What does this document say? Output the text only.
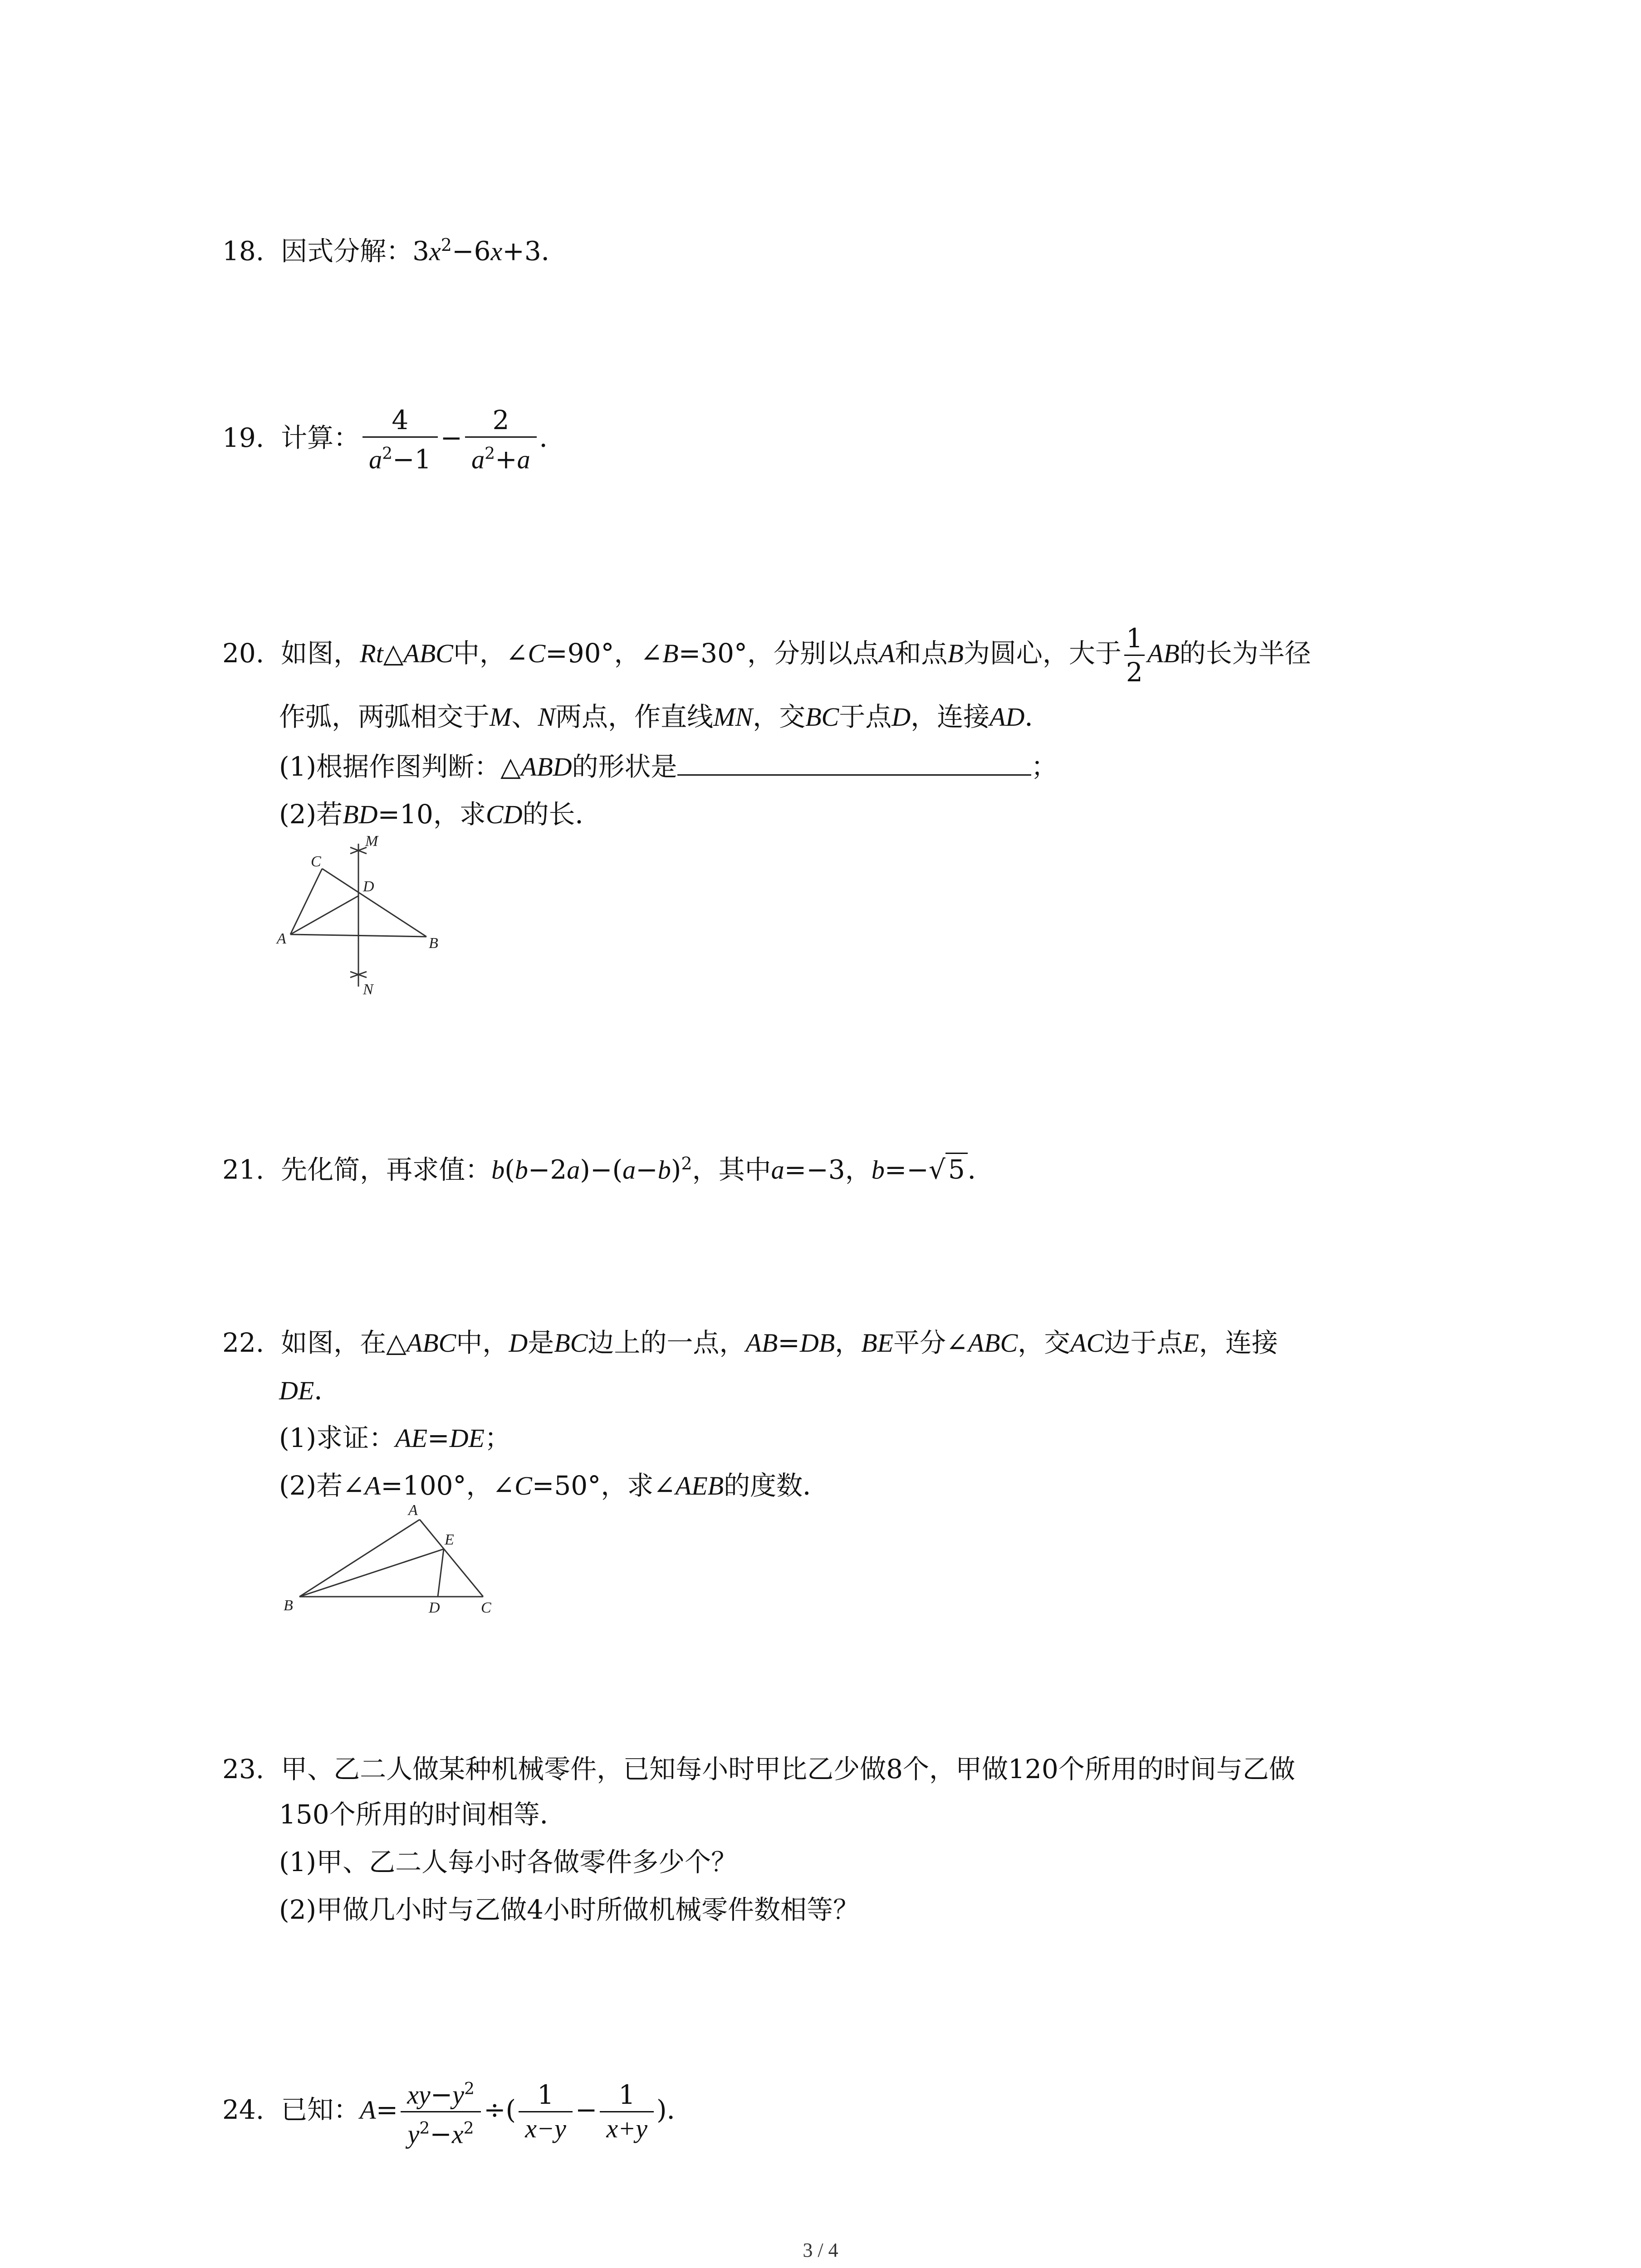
18. 因式分解：$3x^2-6x+3$．
19. 计算： $\frac{4}{a^2-1} - \frac{2}{a^2+a}$ ．
20. 如图，Rt△ABC中，∠C=90°，∠B=30°，分别以点A和点B为圆心，大于 $\frac{1}{2}$ AB的长为半径
作弧，两弧相交于M、N两点，作直线MN，交BC于点D，连接AD．
(1)根据作图判断：△ABD的形状是	；
(2)若BD=10，求CD的长．
C
M
D
A	B
N
21. 先化简，再求值：$b(b-2a)-(a-b)^2$，其中a=−3，b=−√ 5 ．
22. 如图，在△ABC中，D是BC边上的一点，AB=DB，BE平分∠ABC，交AC边于点E，连接
DE．
(1)求证：AE=DE；
(2)若∠A=100°，∠C=50°，求∠AEB的度数．
A
E
B	D	C
23. 甲、乙二人做某种机械零件，已知每小时甲比乙少做8个，甲做120个所用的时间与乙做
150个所用的时间相等．
(1)甲、乙二人每小时各做零件多少个？
(2)甲做几小时与乙做4小时所做机械零件数相等？
24. 已知：$A= \frac{xy-y^2}{y^2-x^2}$ ÷( $\frac{1}{x-y} - \frac{1}{x+y}$ )．
3 / 4
